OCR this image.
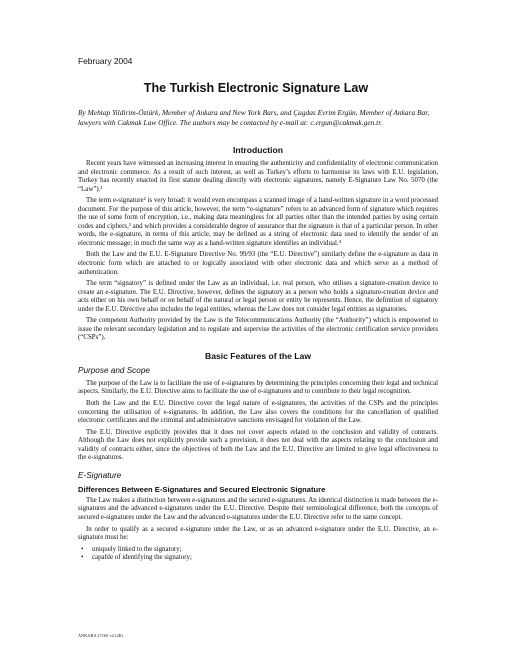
February 2004
The Turkish Electronic Signature Law
By Mehtap Yildirim-Öztürk, Member of Ankara and New York Bars, and Çagdas Evrim Ergün, Member of Ankara Bar, lawyers with Cakmak Law Office. The authors may be contacted by e-mail at: c.ergun@cakmak.gen.tr.
Introduction

Recent years have witnessed an increasing interest in ensuring the authenticity and confidentiality of electronic communication and electronic commerce. As a result of such interest, as well as Turkey’s efforts to harmonise its laws with E.U. legislation, Turkey has recently enacted its first statute dealing directly with electronic signatures, namely E-Signature Law No. 5070 (the “Law”).¹

The term e-signature² is very broad: it would even encompass a scanned image of a hand-written signature in a word processed document. For the purpose of this article, however, the term “e-signature” refers to an advanced form of signature which requires the use of some form of encryption, i.e., making data meaningless for all parties other than the intended parties by using certain codes and ciphers,³ and which provides a considerable degree of assurance that the signature is that of a particular person. In other words, the e-signature, in terms of this article, may be defined as a string of electronic data used to identify the sender of an electronic message; in much the same way as a hand-written signature identifies an individual.⁴

Both the Law and the E.U. E-Signature Directive No. 99/93 (the “E.U. Directive”) similarly define the e-signature as data in electronic form which are attached to or logically associated with other electronic data and which serve as a method of authentication.

The term “signatory” is defined under the Law as an individual, i.e. real person, who utilises a signature-creation device to create an e-signature. The E.U. Directive, however, defines the signatory as a person who holds a signature-creation device and acts either on his own behalf or on behalf of the natural or legal person or entity he represents. Hence, the definition of signatory under the E.U. Directive also includes the legal entities, whereas the Law does not consider legal entities as signatories.

The competent Authority provided by the Law is the Telecommunications Authority (the “Authority”) which is empowered to issue the relevant secondary legislation and to regulate and supervise the activities of the electronic certification service providers (“CSPs”).

Basic Features of the Law
Purpose and Scope

The purpose of the Law is to facilitate the use of e-signatures by determining the principles concerning their legal and technical aspects. Similarly, the E.U. Directive aims to facilitate the use of e-signatures and to contribute to their legal recognition.

Both the Law and the E.U. Directive cover the legal nature of e-signatures, the activities of the CSPs and the principles concerning the utilisation of e-signatures. In addition, the Law also covers the conditions for the cancellation of qualified electronic certificates and the criminal and administrative sanctions envisaged for violation of the Law.

The E.U. Directive explicitly provides that it does not cover aspects related to the conclusion and validity of contracts. Although the Law does not explicitly provide such a provision, it does not deal with the aspects relating to the conclusion and validity of contracts either, since the objectives of both the Law and the E.U. Directive are limited to give legal effectiveness to the e-signatures.

E-Signature
Differences Between E-Signatures and Secured Electronic Signature

The Law makes a distinction between e-signatures and the secured e-signatures. An identical distinction is made between the e-signatures and the advanced e-signatures under the E.U. Directive. Despite their terminological difference, both the concepts of secured e-signatures under the Law and the advanced e-signatures under the E.U. Directive refer to the same concept.

In order to qualify as a secured e-signature under the Law, or as an advanced e-signature under the E.U. Directive, an e-signature must be:

• uniquely linked to the signatory;
• capable of identifying the signatory;
ANKARA 27160 v2 (2K)
